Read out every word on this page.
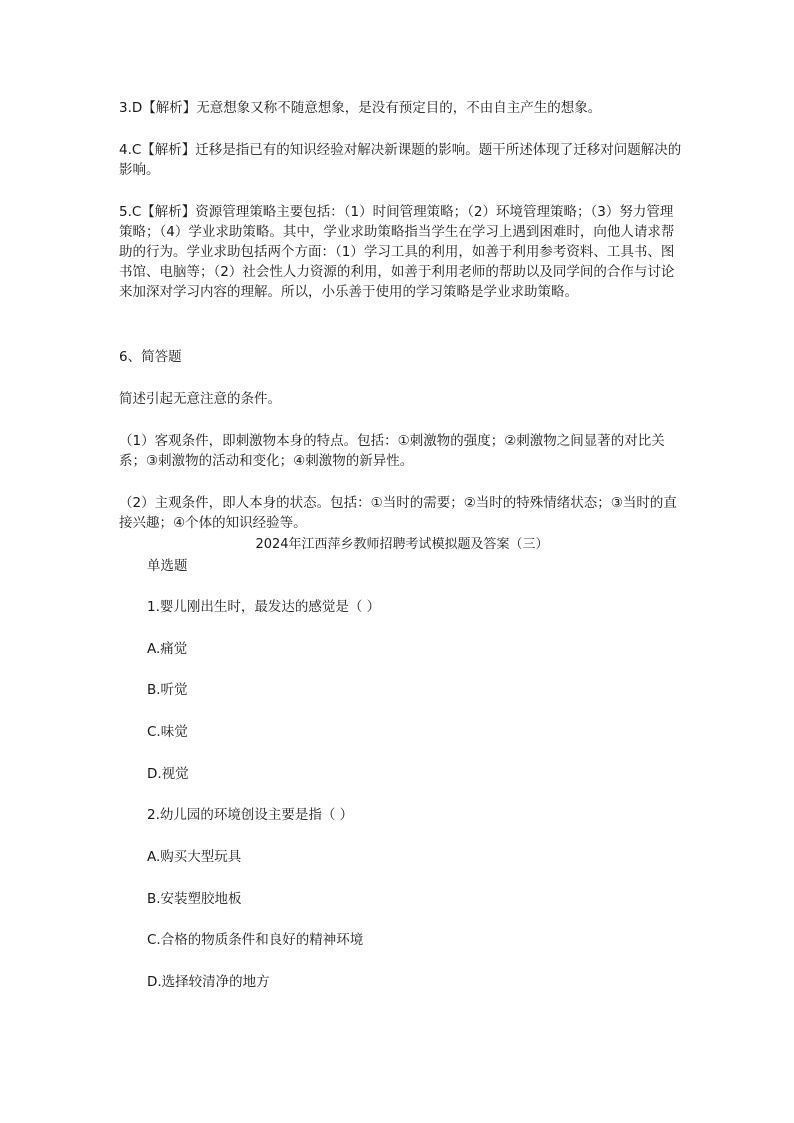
3.D【解析】无意想象又称不随意想象，是没有预定目的，不由自主产生的想象。

4.C【解析】迁移是指已有的知识经验对解决新课题的影响。题干所述体现了迁移对问题解决的影响。

5.C【解析】资源管理策略主要包括：（1）时间管理策略；（2）环境管理策略；（3）努力管理策略；（4）学业求助策略。其中，学业求助策略指当学生在学习上遇到困难时，向他人请求帮助的行为。学业求助包括两个方面：（1）学习工具的利用，如善于利用参考资料、工具书、图书馆、电脑等；（2）社会性人力资源的利用，如善于利用老师的帮助以及同学间的合作与讨论来加深对学习内容的理解。所以，小乐善于使用的学习策略是学业求助策略。

6、简答题

简述引起无意注意的条件。

（1）客观条件，即刺激物本身的特点。包括：①刺激物的强度；②刺激物之间显著的对比关系；③刺激物的活动和变化；④刺激物的新异性。

（2）主观条件，即人本身的状态。包括：①当时的需要；②当时的特殊情绪状态；③当时的直接兴趣；④个体的知识经验等。

2024年江西萍乡教师招聘考试模拟题及答案（三）

单选题

1.婴儿刚出生时，最发达的感觉是（ ）

A.痛觉

B.听觉

C.味觉

D.视觉

2.幼儿园的环境创设主要是指（ ）

A.购买大型玩具

B.安装塑胶地板

C.合格的物质条件和良好的精神环境

D.选择较清净的地方
